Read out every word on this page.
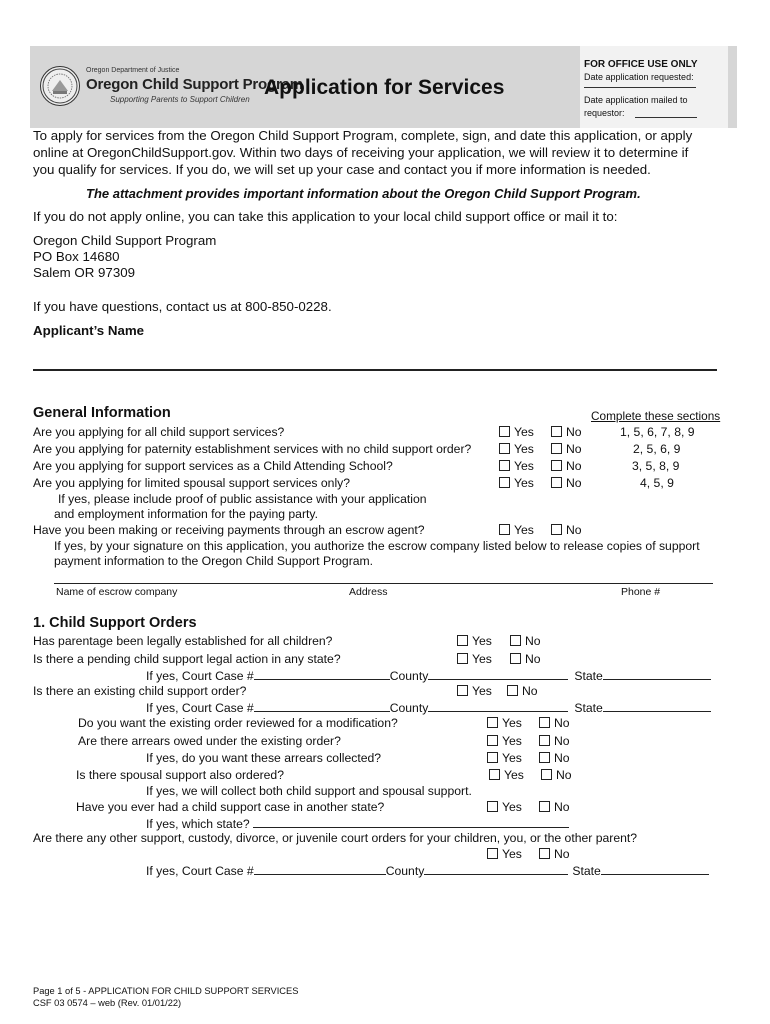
Oregon Department of Justice
Oregon Child Support Program
Supporting Parents to Support Children
Application for Services
FOR OFFICE USE ONLY
Date application requested:
Date application mailed to
requestor:
To apply for services from the Oregon Child Support Program, complete, sign, and date this application, or apply
online at OregonChildSupport.gov. Within two days of receiving your application, we will review it to determine if
you qualify for services. If you do, we will set up your case and contact you if more information is needed.
The attachment provides important information about the Oregon Child Support Program.
If you do not apply online, you can take this application to your local child support office or mail it to:
Oregon Child Support Program
PO Box 14680
Salem OR 97309
If you have questions, contact us at 800-850-0228.
Applicant’s Name
General Information	Complete these sections
Are you applying for all child support services?	Yes	No	1, 5, 6, 7, 8, 9
Are you applying for paternity establishment services with no child support order?	Yes	No	2, 5, 6, 9
Are you applying for support services as a Child Attending School?	Yes	No	3, 5, 8, 9
Are you applying for limited spousal support services only?	Yes	No	4, 5, 9
If yes, please include proof of public assistance with your application
and employment information for the paying party.
Have you been making or receiving payments through an escrow agent?	Yes	No
If yes, by your signature on this application, you authorize the escrow company listed below to release copies of support
payment information to the Oregon Child Support Program.
Name of escrow company	Address	Phone #
1. Child Support Orders
Has parentage been legally established for all children?	Yes	No
Is there a pending child support legal action in any state?	Yes	No
If yes, Court Case #	County	State
Is there an existing child support order?	Yes	No
If yes, Court Case #	County	State
Do you want the existing order reviewed for a modification?	Yes	No
Are there arrears owed under the existing order?	Yes	No
If yes, do you want these arrears collected?	Yes	No
Is there spousal support also ordered?	Yes	No
If yes, we will collect both child support and spousal support.
Have you ever had a child support case in another state?	Yes	No
If yes, which state?
Are there any other support, custody, divorce, or juvenile court orders for your children, you, or the other parent?
Yes	No
If yes, Court Case #	County	State
Page 1 of 5 - APPLICATION FOR CHILD SUPPORT SERVICES
CSF 03 0574 – web (Rev. 01/01/22)
